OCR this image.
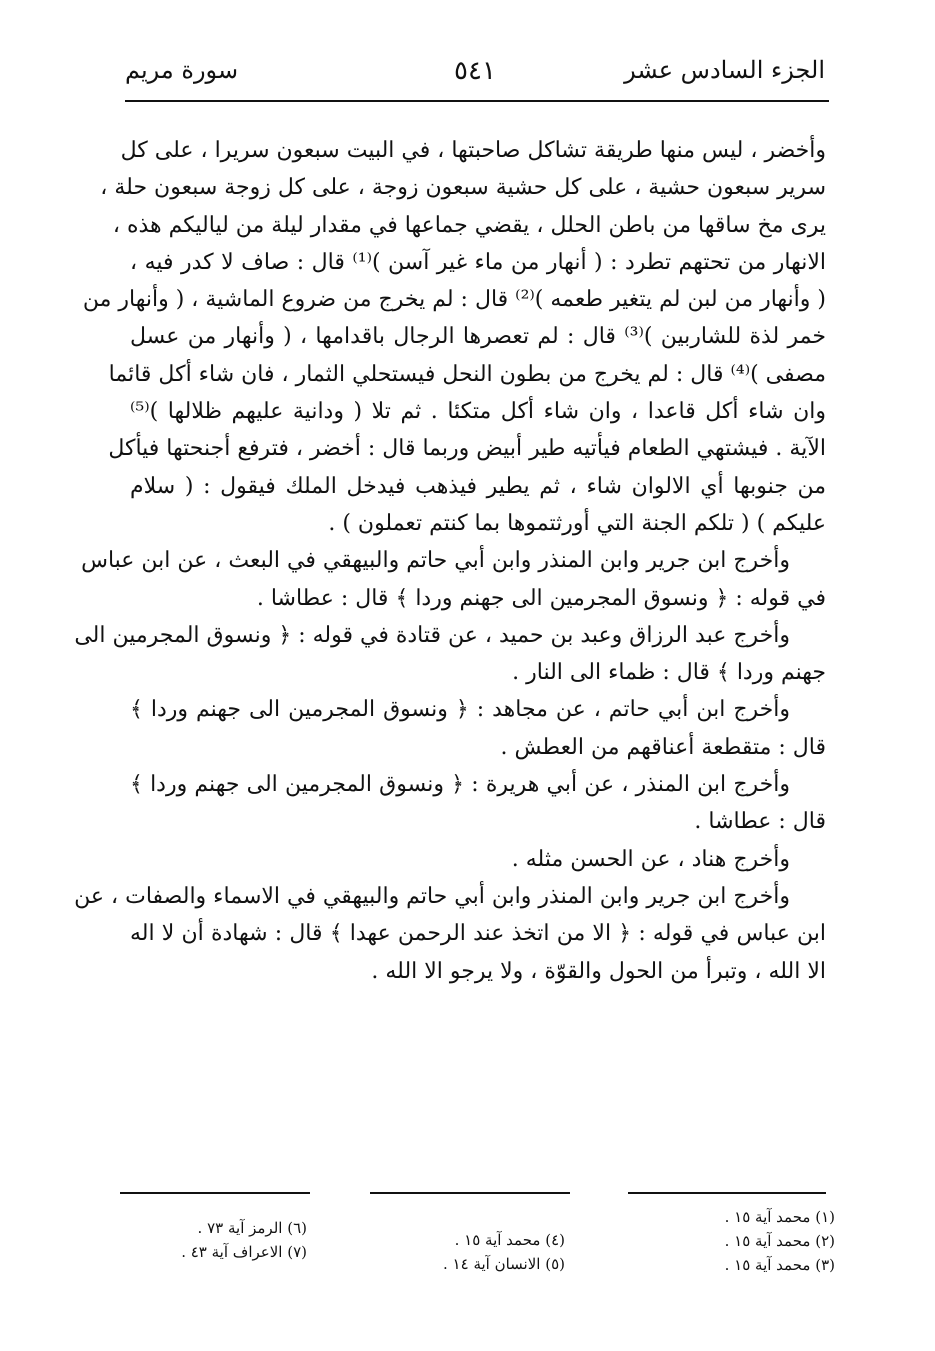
الجزء السادس عشر
٥٤١
سورة مريم
وأخضر ، ليس منها طريقة تشاكل صاحبتها ، في البيت سبعون سريرا ، على كل
سرير سبعون حشية ، على كل حشية سبعون زوجة ، على كل زوجة سبعون حلة ،
يرى مخ ساقها من باطن الحلل ، يقضي جماعها في مقدار ليلة من لياليكم هذه ،
الانهار من تحتهم تطرد : ( أنهار من ماء غير آسن )⁽¹⁾ قال : صاف لا كدر فيه ،
( وأنهار من لبن لم يتغير طعمه )⁽²⁾ قال : لم يخرج من ضروع الماشية ، ( وأنهار من
خمر لذة للشاربين )⁽³⁾ قال : لم تعصرها الرجال باقدامها ، ( وأنهار من عسل
مصفى )⁽⁴⁾ قال : لم يخرج من بطون النحل فيستحلي الثمار ، فان شاء أكل قائما
وان شاء أكل قاعدا ، وان شاء أكل متكئا . ثم تلا ( ودانية عليهم ظلالها )⁽⁵⁾
الآية . فيشتهي الطعام فيأتيه طير أبيض وربما قال : أخضر ، فترفع أجنحتها فيأكل
من جنوبها أي الالوان شاء ، ثم يطير فيذهب فيدخل الملك فيقول : ( سلام
عليكم ) ( تلكم الجنة التي أورثتموها بما كنتم تعملون ) .
وأخرج ابن جرير وابن المنذر وابن أبي حاتم والبيهقي في البعث ، عن ابن عباس
في قوله : ﴿ ونسوق المجرمين الى جهنم وردا ﴾ قال : عطاشا .
وأخرج عبد الرزاق وعبد بن حميد ، عن قتادة في قوله : ﴿ ونسوق المجرمين الى
جهنم وردا ﴾ قال : ظماء الى النار .
وأخرج ابن أبي حاتم ، عن مجاهد : ﴿ ونسوق المجرمين الى جهنم وردا ﴾
قال : متقطعة أعناقهم من العطش .
وأخرج ابن المنذر ، عن أبي هريرة : ﴿ ونسوق المجرمين الى جهنم وردا ﴾
قال : عطاشا .
وأخرج هناد ، عن الحسن مثله .
وأخرج ابن جرير وابن المنذر وابن أبي حاتم والبيهقي في الاسماء والصفات ، عن
ابن عباس في قوله : ﴿ الا من اتخذ عند الرحمن عهدا ﴾ قال : شهادة أن لا اله
الا الله ، وتبرأ من الحول والقوّة ، ولا يرجو الا الله .
(١) محمد آية ١٥ .
(٢) محمد آية ١٥ .
(٣) محمد آية ١٥ .
(٤) محمد آية ١٥ .
(٥) الانسان آية ١٤ .
(٦) الرمز آية ٧٣ .
(٧) الاعراف آية ٤٣ .
